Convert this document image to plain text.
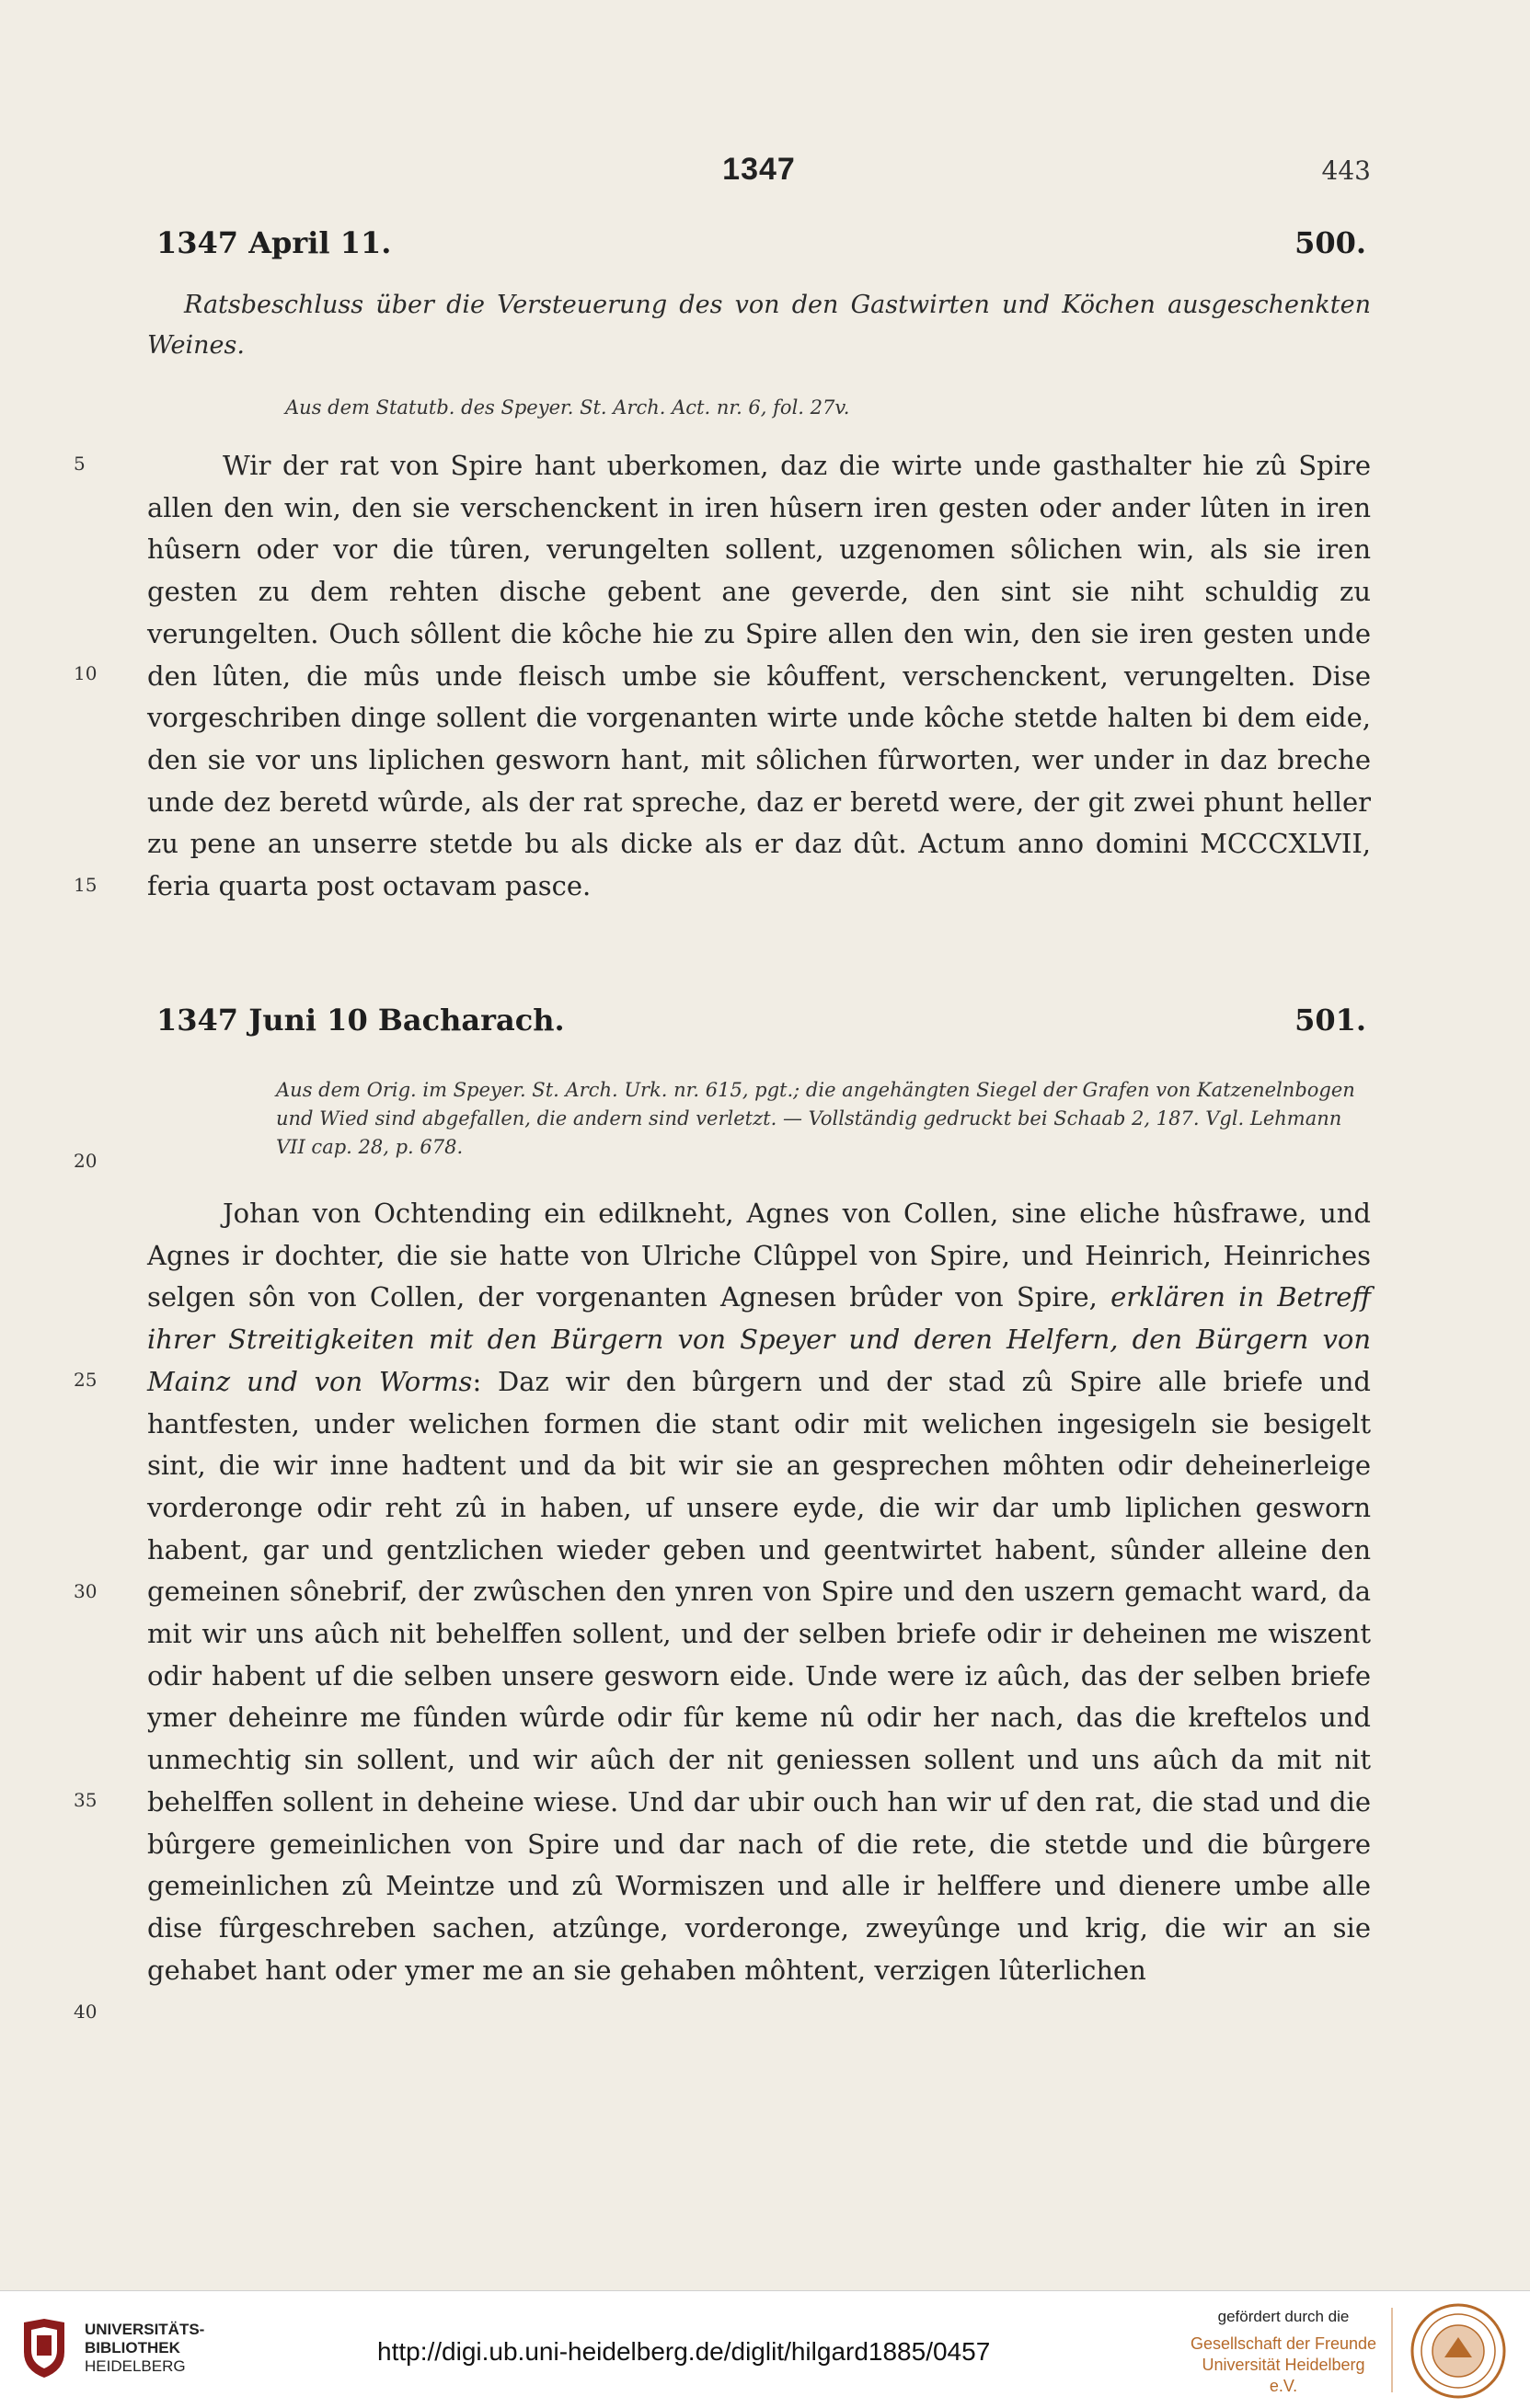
1347	443
1347 April 11.	500.
Ratsbeschluss über die Versteuerung des von den Gastwirten und Köchen ausgeschenkten Weines.
Aus dem Statutb. des Speyer. St. Arch. Act. nr. 6, fol. 27v.
Wir der rat von Spire hant uberkomen, daz die wirte unde gasthalter hie zû Spire allen den win, den sie verschenckent in iren hûsern iren gesten oder ander lûten in iren hûsern oder vor die tûren, verungelten sollent, uzgenomen sôlichen win, als sie iren gesten zu dem rehten dische gebent ane geverde, den sint sie niht schuldig zu verungelten. Ouch sôllent die kôche hie zu Spire allen den win, den sie iren gesten unde den lûten, die mûs unde fleisch umbe sie kôuffent, verschenckent, verungelten. Dise vorgeschriben dinge sollent die vorgenanten wirte unde kôche stetde halten bi dem eide, den sie vor uns liplichen gesworn hant, mit sôlichen fûrworten, wer under in daz breche unde dez beretd wûrde, als der rat spreche, daz er beretd were, der git zwei phunt heller zu pene an unserre stetde bu als dicke als er daz dût. Actum anno domini MCCCXLVII, feria quarta post octavam pasce.
1347 Juni 10 Bacharach.	501.
Aus dem Orig. im Speyer. St. Arch. Urk. nr. 615, pgt.; die angehängten Siegel der Grafen von Katzenelnbogen und Wied sind abgefallen, die andern sind verletzt. — Vollständig gedruckt bei Schaab 2, 187. Vgl. Lehmann VII cap. 28, p. 678.
Johan von Ochtending ein edilkneht, Agnes von Collen, sine eliche hûsfrawe, und Agnes ir dochter, die sie hatte von Ulriche Clûppel von Spire, und Heinrich, Heinriches selgen sôn von Collen, der vorgenanten Agnesen brûder von Spire, erklären in Betreff ihrer Streitigkeiten mit den Bürgern von Speyer und deren Helfern, den Bürgern von Mainz und von Worms: Daz wir den bûrgern und der stad zû Spire alle briefe und hantfesten, under welichen formen die stant odir mit welichen ingesigeln sie besigelt sint, die wir inne hadtent und da bit wir sie an gesprechen môhten odir deheinerleige vorderonge odir reht zû in haben, uf unsere eyde, die wir dar umb liplichen gesworn habent, gar und gentzlichen wieder geben und geentwirtet habent, sûnder alleine den gemeinen sônebrif, der zwûschen den ynren von Spire und den uszern gemacht ward, da mit wir uns aûch nit behelffen sollent, und der selben briefe odir ir deheinen me wiszent odir habent uf die selben unsere gesworn eide. Unde were iz aûch, das der selben briefe ymer deheinre me fûnden wûrde odir fûr keme nû odir her nach, das die kreftelos und unmechtig sin sollent, und wir aûch der nit geniessen sollent und uns aûch da mit nit behelffen sollent in deheine wiese. Und dar ubir ouch han wir uf den rat, die stad und die bûrgere gemeinlichen von Spire und dar nach of die rete, die stetde und die bûrgere gemeinlichen zû Meintze und zû Wormiszen und alle ir helffere und dienere umbe alle dise fûrgeschreben sachen, atzûnge, vorderonge, zweyûnge und krig, die wir an sie gehabet hant oder ymer me an sie gehaben môhtent, verzigen lûterlichen
5
10
15
20
25
30
35
40
UNIVERSITÄTS-
BIBLIOTHEK
HEIDELBERG
http://digi.ub.uni-heidelberg.de/diglit/hilgard1885/0457
gefördert durch die
Gesellschaft der Freunde
Universität Heidelberg e.V.
